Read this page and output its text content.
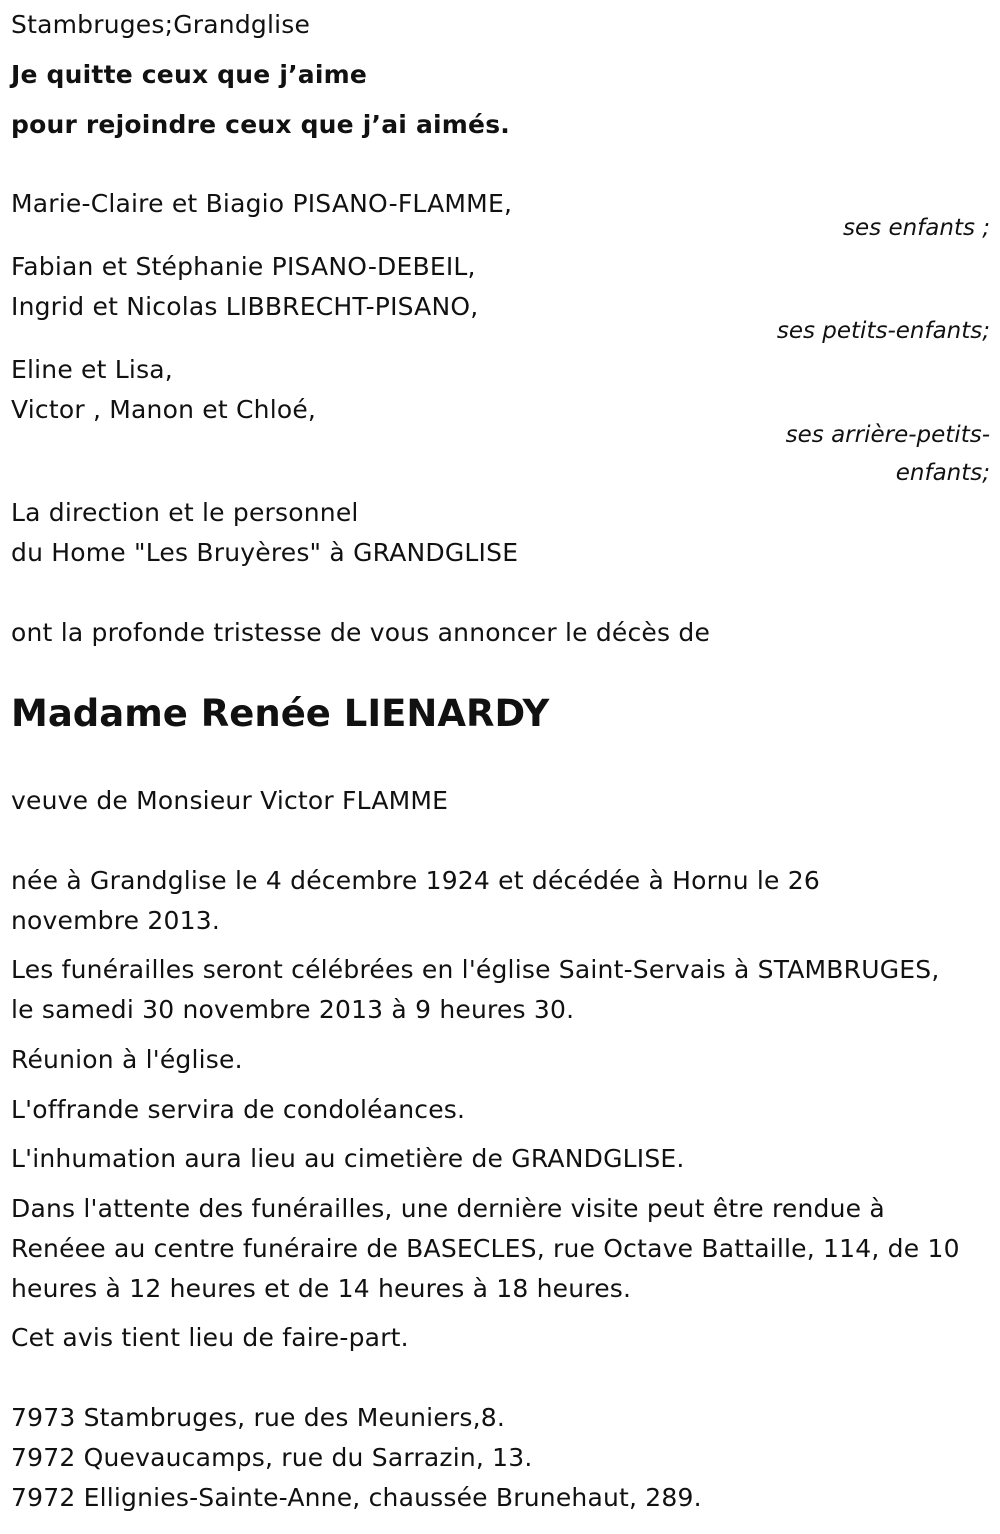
Stambruges;Grandglise
Je quitte ceux que j’aime
pour rejoindre ceux que j’ai aimés.
Marie-Claire et Biagio PISANO-FLAMME,
ses enfants ;
Fabian et Stéphanie PISANO-DEBEIL,
Ingrid et Nicolas LIBBRECHT-PISANO,
ses petits-enfants;
Eline et Lisa,
Victor , Manon et Chloé,
ses arrière-petits-
enfants;
La direction et le personnel
du Home "Les Bruyères" à GRANDGLISE
ont la profonde tristesse de vous annoncer le décès de
Madame Renée LIENARDY
veuve de Monsieur Victor FLAMME
née à Grandglise le 4 décembre 1924 et décédée à Hornu le 26
novembre 2013.
Les funérailles seront célébrées en l'église Saint-Servais à STAMBRUGES,
le samedi 30 novembre 2013 à 9 heures 30.
Réunion à l'église.
L'offrande servira de condoléances.
L'inhumation aura lieu au cimetière de GRANDGLISE.
Dans l'attente des funérailles, une dernière visite peut être rendue à
Renéee au centre funéraire de BASECLES, rue Octave Battaille, 114, de 10
heures à 12 heures et de 14 heures à 18 heures.
Cet avis tient lieu de faire-part.
7973 Stambruges, rue des Meuniers,8.
7972 Quevaucamps, rue du Sarrazin, 13.
7972 Ellignies-Sainte-Anne, chaussée Brunehaut, 289.
